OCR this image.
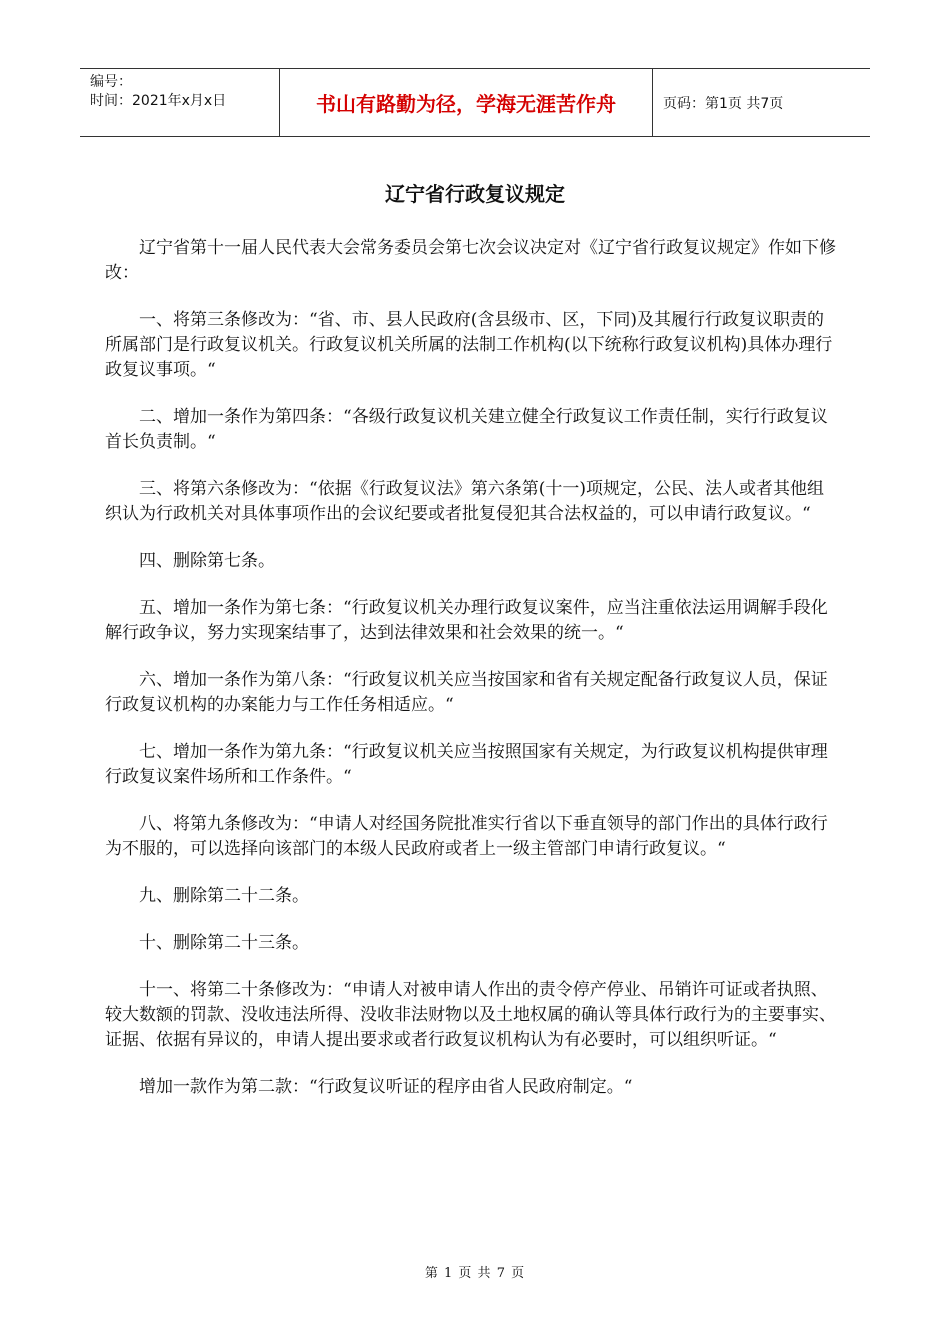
编号：
时间：2021年x月x日	书山有路勤为径，学海无涯苦作舟	页码：第1页 共7页
辽宁省行政复议规定

辽宁省第十一届人民代表大会常务委员会第七次会议决定对《辽宁省行政复议规定》作如下修改：

一、将第三条修改为：“省、市、县人民政府(含县级市、区，下同)及其履行行政复议职责的所属部门是行政复议机关。行政复议机关所属的法制工作机构(以下统称行政复议机构)具体办理行政复议事项。“

二、增加一条作为第四条：“各级行政复议机关建立健全行政复议工作责任制，实行行政复议首长负责制。“

三、将第六条修改为：“依据《行政复议法》第六条第(十一)项规定，公民、法人或者其他组织认为行政机关对具体事项作出的会议纪要或者批复侵犯其合法权益的，可以申请行政复议。“

四、删除第七条。

五、增加一条作为第七条：“行政复议机关办理行政复议案件，应当注重依法运用调解手段化解行政争议，努力实现案结事了，达到法律效果和社会效果的统一。“

六、增加一条作为第八条：“行政复议机关应当按国家和省有关规定配备行政复议人员，保证行政复议机构的办案能力与工作任务相适应。“

七、增加一条作为第九条：“行政复议机关应当按照国家有关规定，为行政复议机构提供审理行政复议案件场所和工作条件。“

八、将第九条修改为：“申请人对经国务院批准实行省以下垂直领导的部门作出的具体行政行为不服的，可以选择向该部门的本级人民政府或者上一级主管部门申请行政复议。“

九、删除第二十二条。

十、删除第二十三条。

十一、将第二十条修改为：“申请人对被申请人作出的责令停产停业、吊销许可证或者执照、较大数额的罚款、没收违法所得、没收非法财物以及土地权属的确认等具体行政行为的主要事实、证据、依据有异议的，申请人提出要求或者行政复议机构认为有必要时，可以组织听证。“

增加一款作为第二款：“行政复议听证的程序由省人民政府制定。“

第 1 页 共 7 页
